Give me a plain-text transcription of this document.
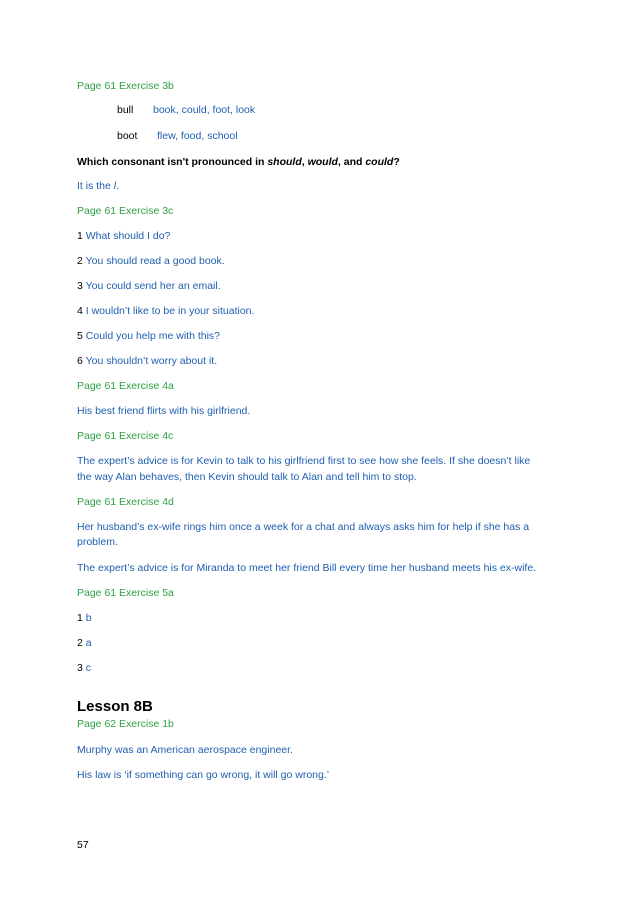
Page 61 Exercise 3b
bull book, could, foot, look
boot flew, food, school
Which consonant isn't pronounced in should, would, and could?
It is the l.
Page 61 Exercise 3c
1 What should I do?
2 You should read a good book.
3 You could send her an email.
4 I wouldn’t like to be in your situation.
5 Could you help me with this?
6 You shouldn’t worry about it.
Page 61 Exercise 4a
His best friend flirts with his girlfriend.
Page 61 Exercise 4c
The expert’s advice is for Kevin to talk to his girlfriend first to see how she feels. If she doesn’t like
the way Alan behaves, then Kevin should talk to Alan and tell him to stop.
Page 61 Exercise 4d
Her husband’s ex-wife rings him once a week for a chat and always asks him for help if she has a
problem.
The expert’s advice is for Miranda to meet her friend Bill every time her husband meets his ex-wife.
Page 61 Exercise 5a
1 b
2 a
3 c
Lesson 8B
Page 62 Exercise 1b
Murphy was an American aerospace engineer.
His law is ‘if something can go wrong, it will go wrong.’
57
